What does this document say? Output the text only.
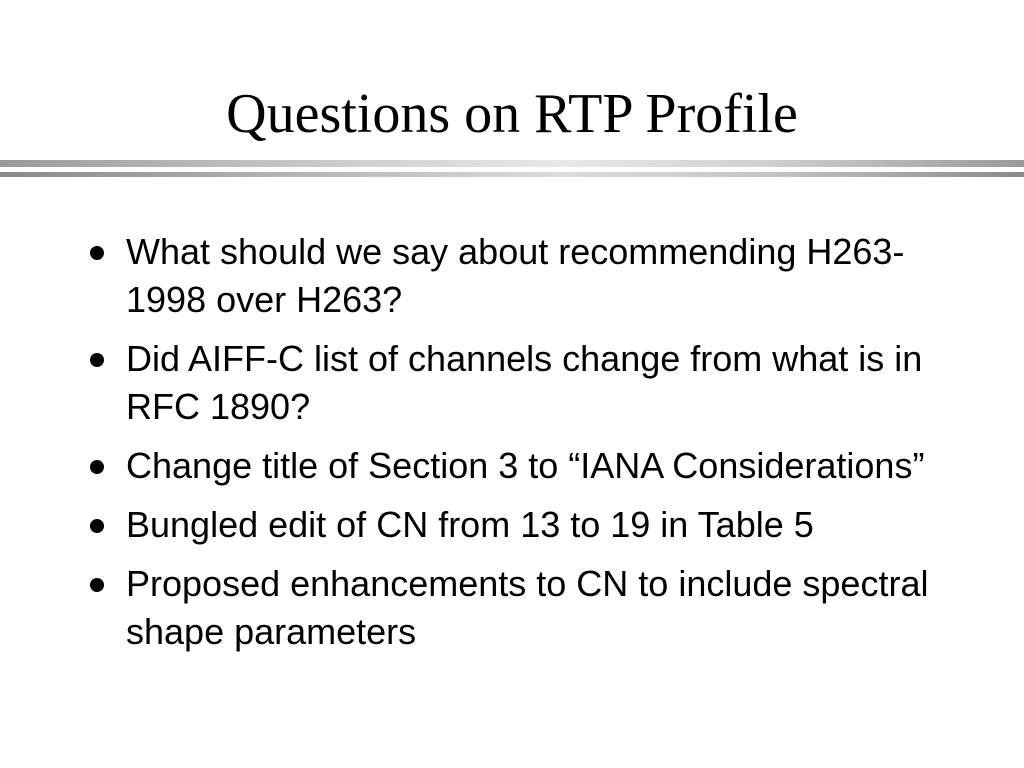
Questions on RTP Profile
What should we say about recommending H263-1998 over H263?
Did AIFF-C list of channels change from what is in RFC 1890?
Change title of Section 3 to “IANA Considerations”
Bungled edit of CN from 13 to 19 in Table 5
Proposed enhancements to CN to include spectral shape parameters
